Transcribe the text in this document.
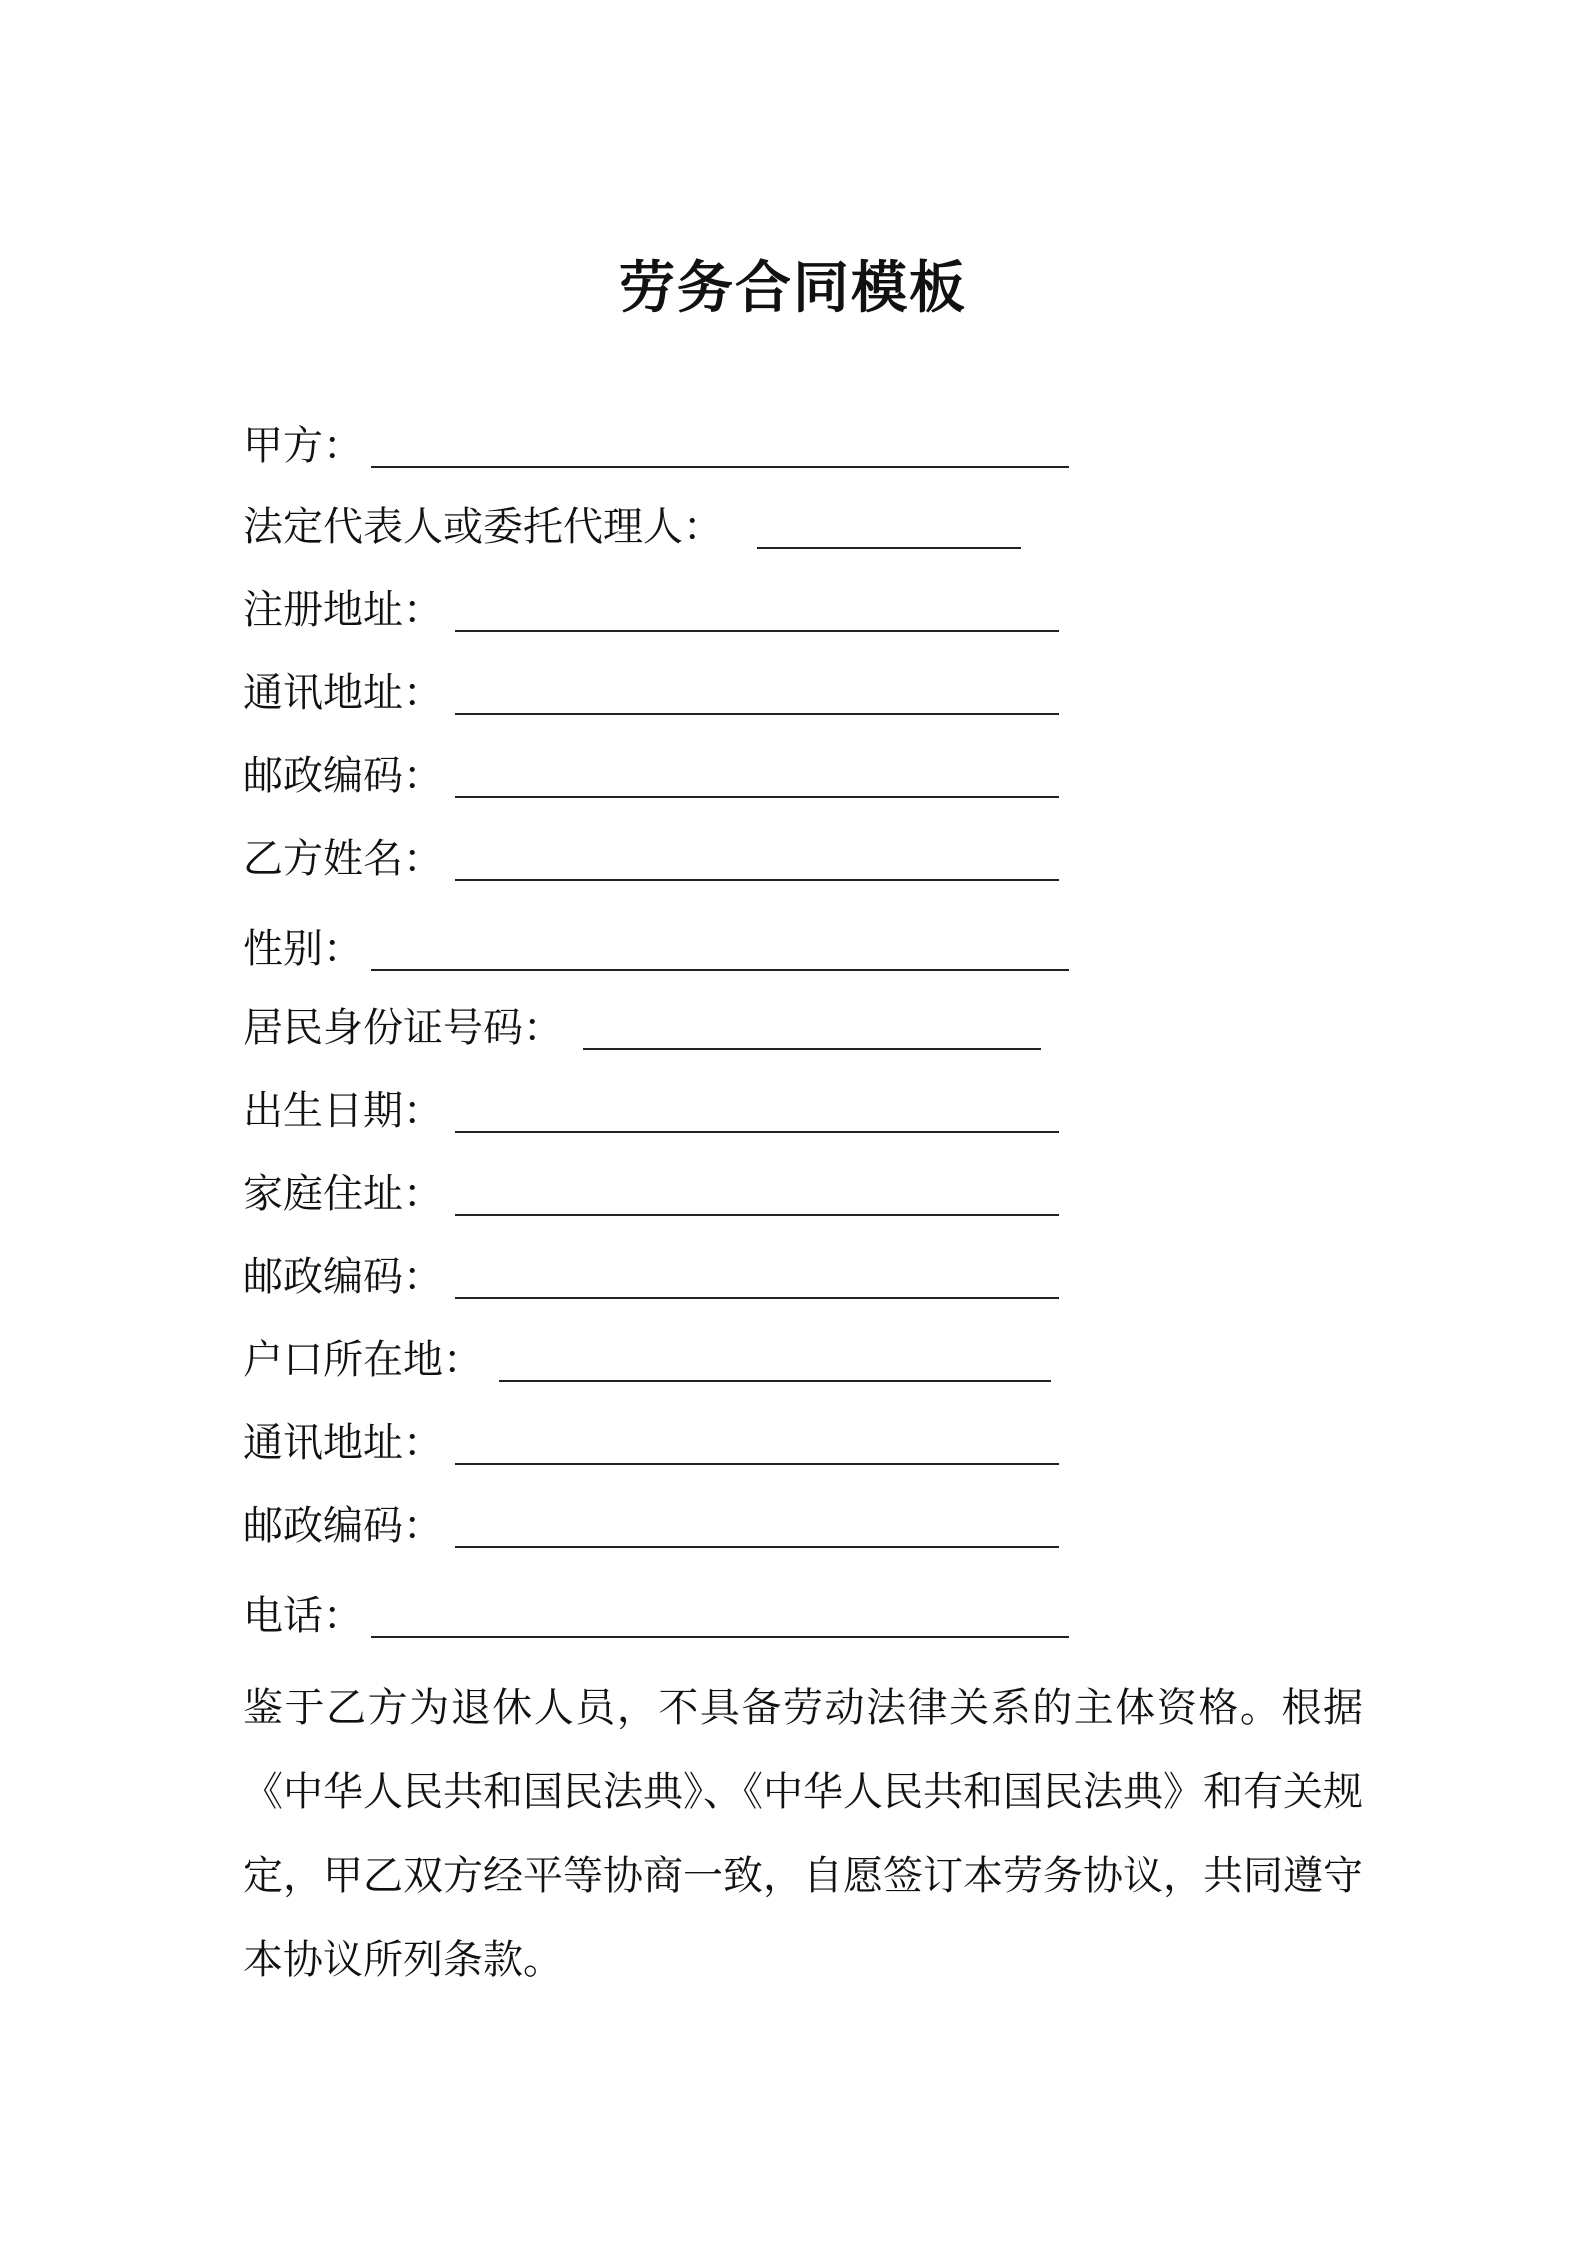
劳务合同模板
甲方：
法定代表人或委托代理人：
注册地址：
通讯地址：
邮政编码：
乙方姓名：
性别：
居民身份证号码：
出生日期：
家庭住址：
邮政编码：
户口所在地：
通讯地址：
邮政编码：
电话：
鉴于乙方为退休人员，不具备劳动法律关系的主体资格。根据《中华人民共和国民法典》、《中华人民共和国民法典》和有关规定，甲乙双方经平等协商一致，自愿签订本劳务协议，共同遵守本协议所列条款。
